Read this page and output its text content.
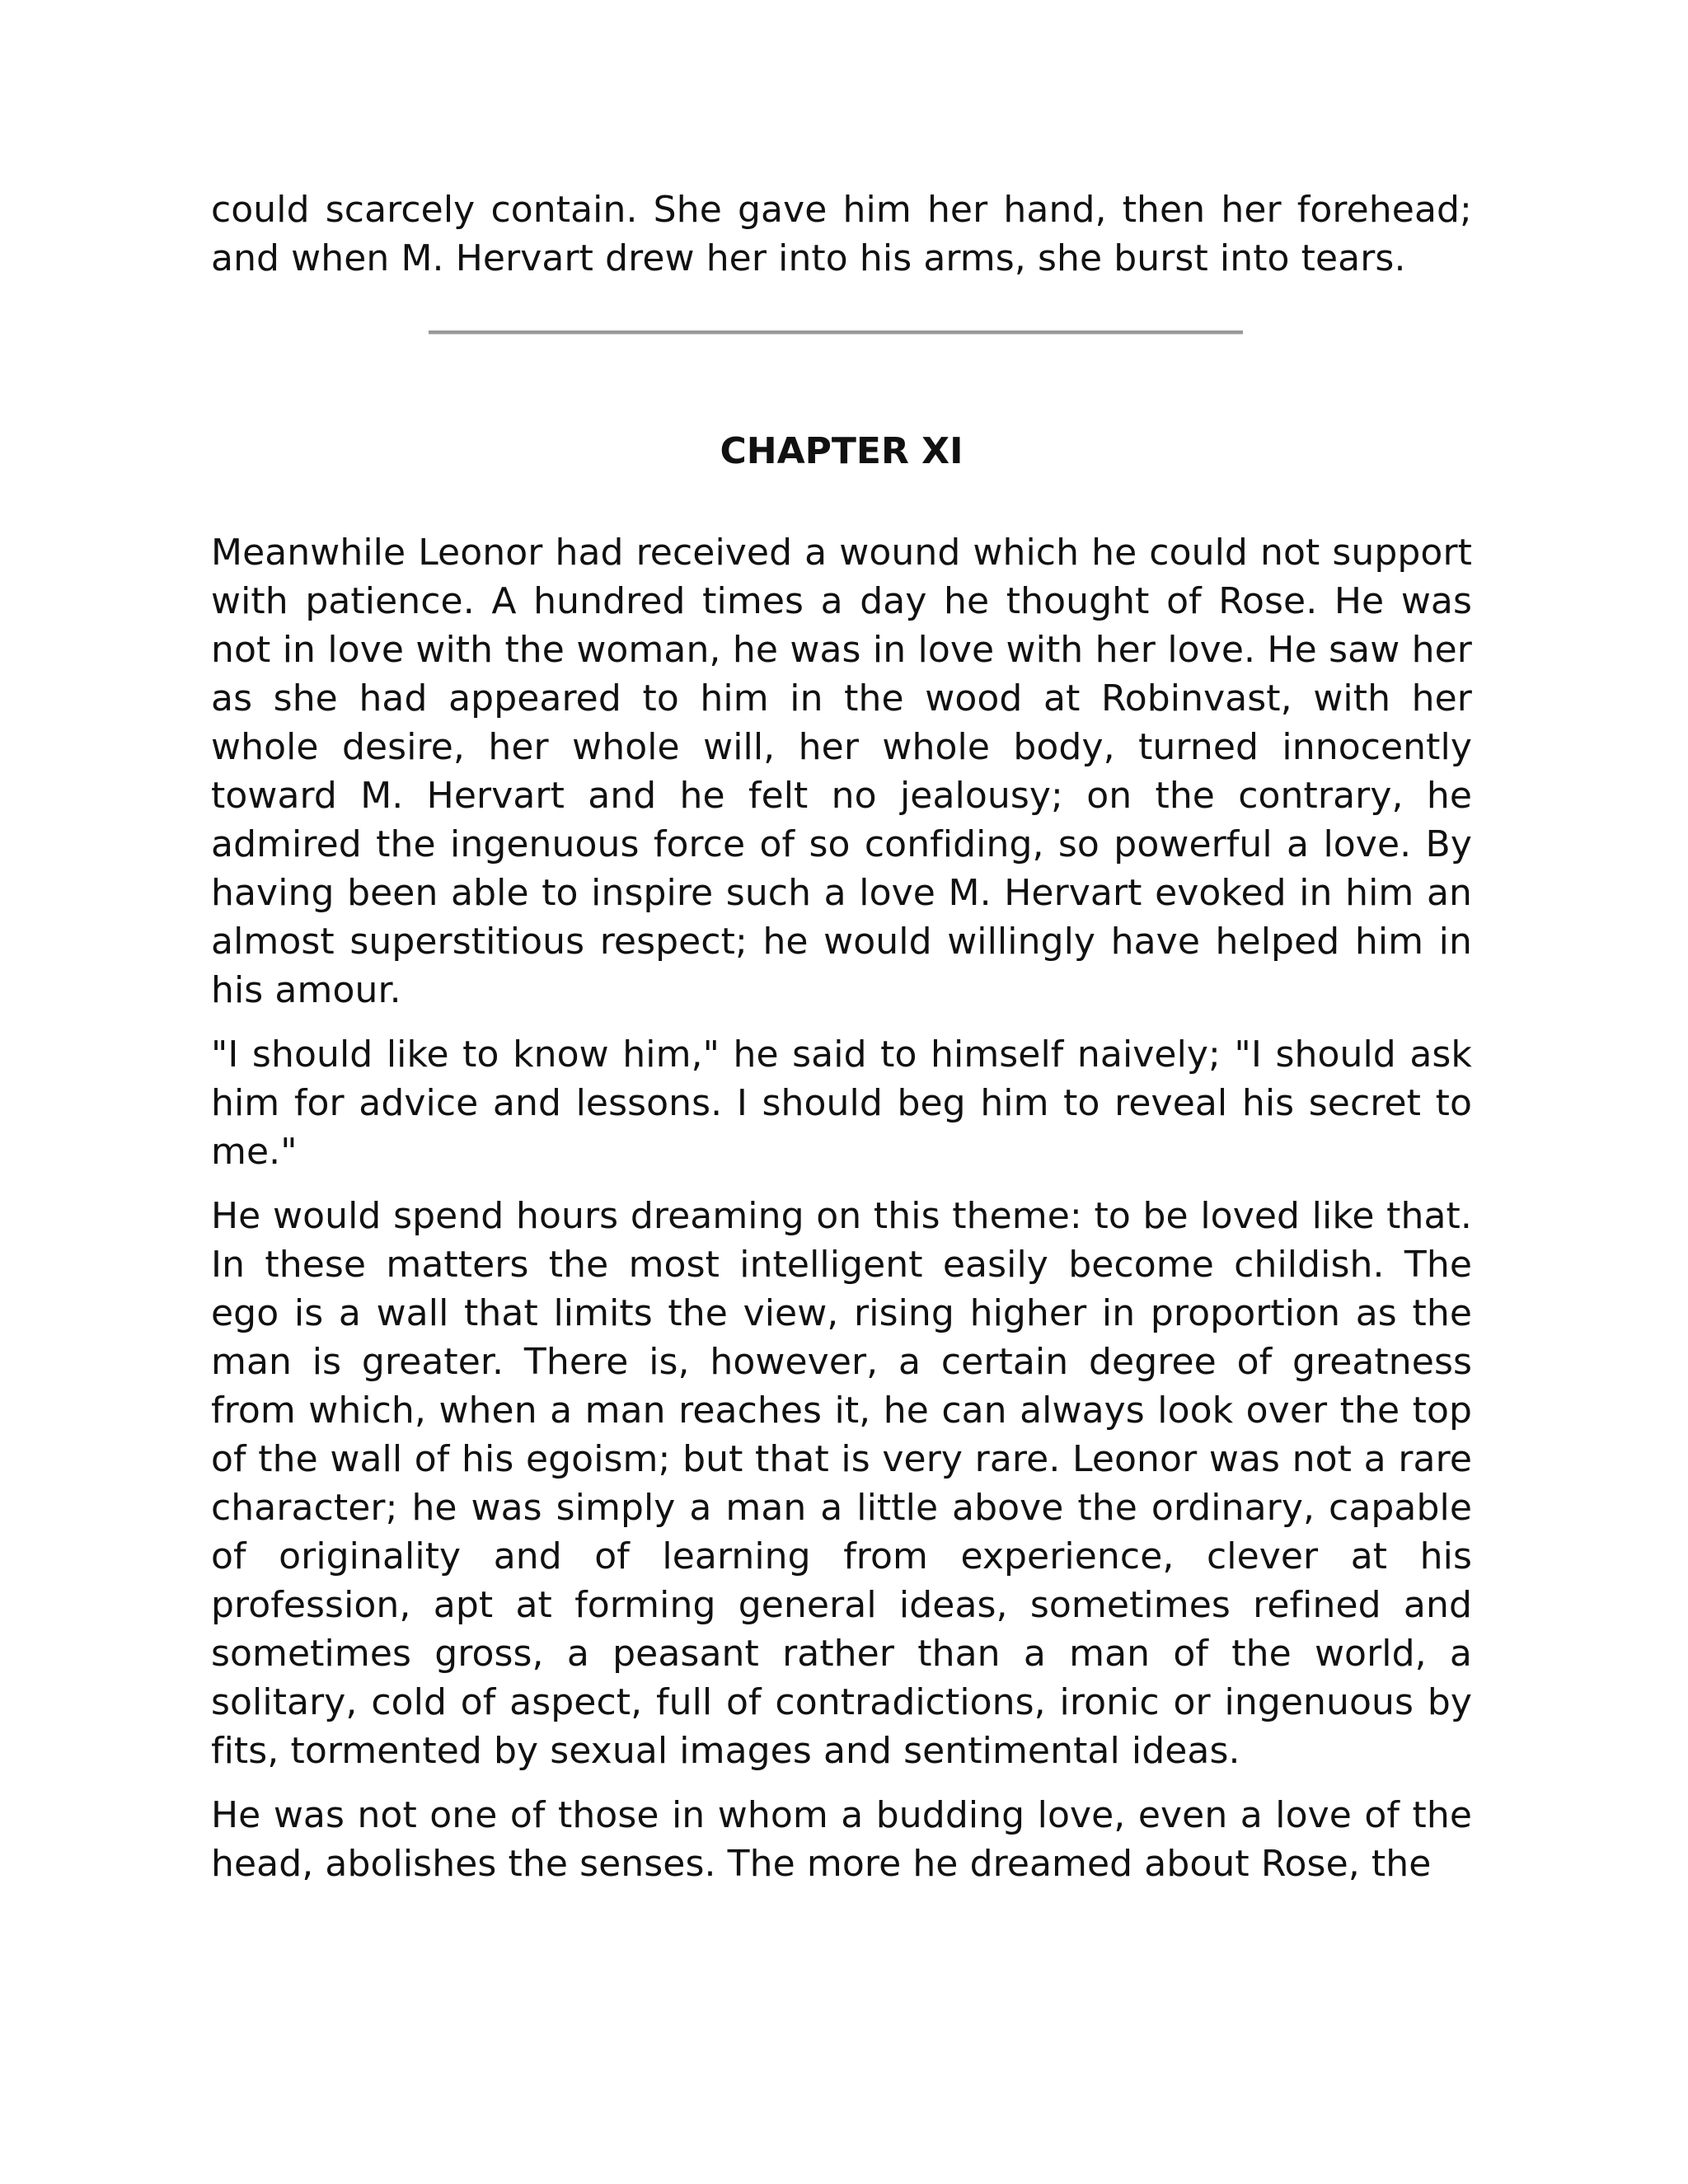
could scarcely contain. She gave him her hand, then her forehead; and when M. Hervart drew her into his arms, she burst into tears.

CHAPTER XI

Meanwhile Leonor had received a wound which he could not support with patience. A hundred times a day he thought of Rose. He was not in love with the woman, he was in love with her love. He saw her as she had appeared to him in the wood at Robinvast, with her whole desire, her whole will, her whole body, turned innocently toward M. Hervart and he felt no jealousy; on the contrary, he admired the ingenuous force of so confiding, so powerful a love. By having been able to inspire such a love M. Hervart evoked in him an almost superstitious respect; he would willingly have helped him in his amour.

"I should like to know him," he said to himself naively; "I should ask him for advice and lessons. I should beg him to reveal his secret to me."

He would spend hours dreaming on this theme: to be loved like that. In these matters the most intelligent easily become childish. The ego is a wall that limits the view, rising higher in proportion as the man is greater. There is, however, a certain degree of greatness from which, when a man reaches it, he can always look over the top of the wall of his egoism; but that is very rare. Leonor was not a rare character; he was simply a man a little above the ordinary, capable of originality and of learning from experience, clever at his profession, apt at forming general ideas, sometimes refined and sometimes gross, a peasant rather than a man of the world, a solitary, cold of aspect, full of contradictions, ironic or ingenuous by fits, tormented by sexual images and sentimental ideas.

He was not one of those in whom a budding love, even a love of the head, abolishes the senses. The more he dreamed about Rose, the
